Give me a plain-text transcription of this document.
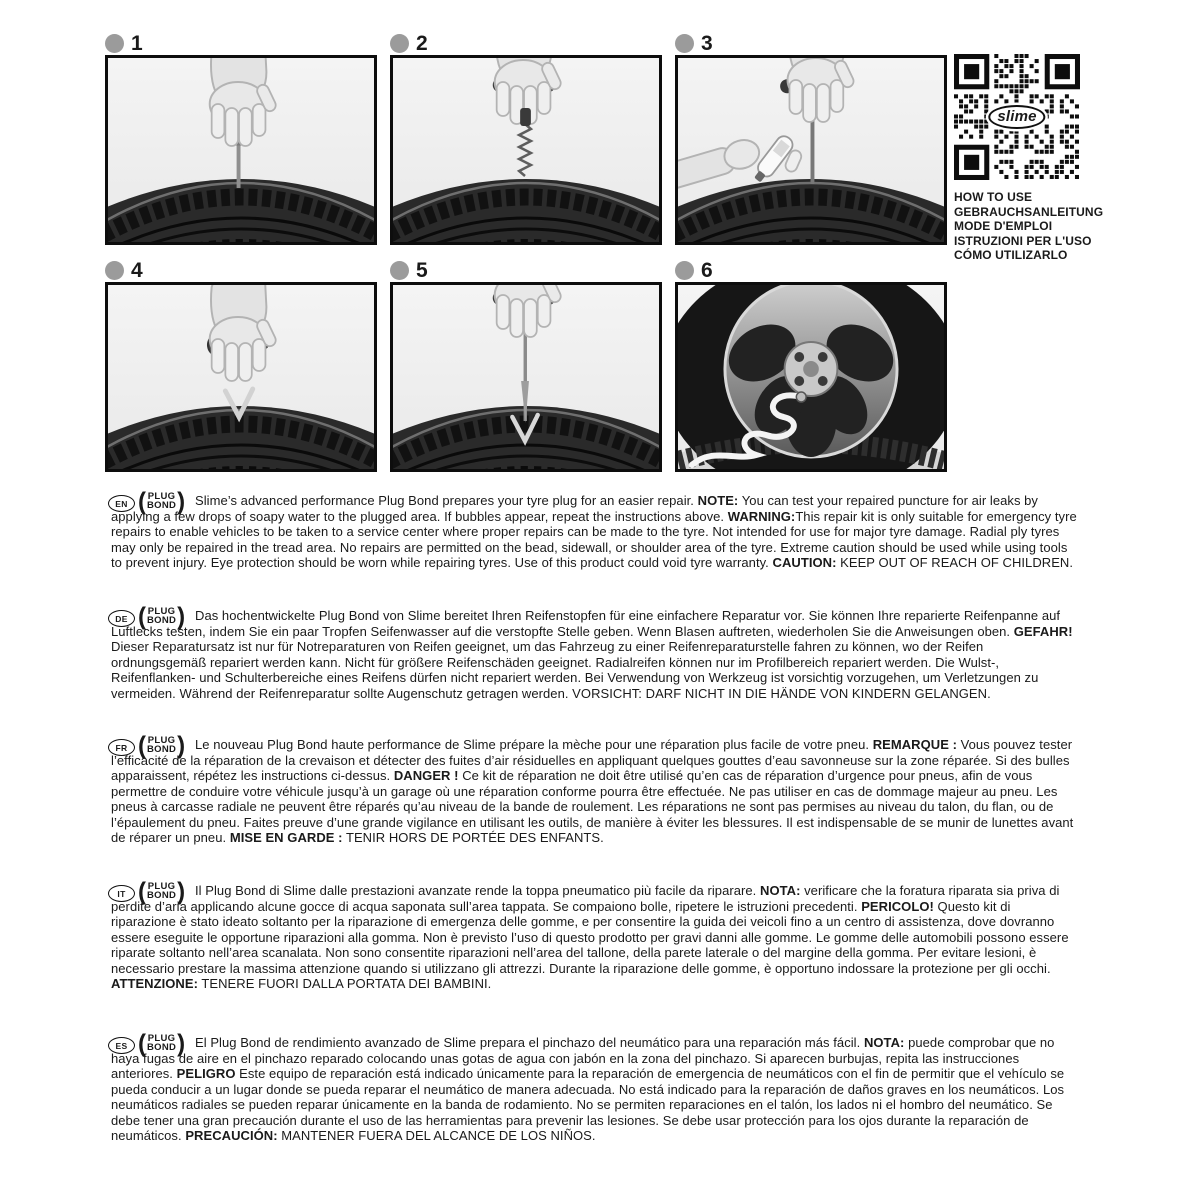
1	2	3
4	5	6
slime
HOW TO USE
GEBRAUCHSANLEITUNG
MODE D'EMPLOI
ISTRUZIONI PER L'USO
CÓMO UTILIZARLO
EN ( PLUG
BOND ) Slime’s advanced performance Plug Bond prepares your tyre plug for an easier repair. NOTE: You can test your repaired puncture for air leaks by applying a few drops of soapy water to the plugged area. If bubbles appear, repeat the instructions above. WARNING:This repair kit is only suitable for emergency tyre repairs to enable vehicles to be taken to a service center where proper repairs can be made to the tyre. Not intended for use for major tyre damage. Radial ply tyres may only be repaired in the tread area. No repairs are permitted on the bead, sidewall, or shoulder area of the tyre. Extreme caution should be used while using tools to prevent injury. Eye protection should be worn while repairing tyres. Use of this product could void tyre warranty. CAUTION: KEEP OUT OF REACH OF CHILDREN.

DE ( PLUG
BOND ) Das hochentwickelte Plug Bond von Slime bereitet Ihren Reifenstopfen für eine einfachere Reparatur vor. Sie können Ihre reparierte Reifenpanne auf Luftlecks testen, indem Sie ein paar Tropfen Seifenwasser auf die verstopfte Stelle geben. Wenn Blasen auftreten, wiederholen Sie die Anweisungen oben. GEFAHR! Dieser Reparatursatz ist nur für Notreparaturen von Reifen geeignet, um das Fahrzeug zu einer Reifenreparaturstelle fahren zu können, wo der Reifen ordnungsgemäß repariert werden kann. Nicht für größere Reifenschäden geeignet. Radialreifen können nur im Profilbereich repariert werden. Die Wulst-, Reifenflanken- und Schulterbereiche eines Reifens dürfen nicht repariert werden. Bei Verwendung von Werkzeug ist vorsichtig vorzugehen, um Verletzungen zu vermeiden. Während der Reifenreparatur sollte Augenschutz getragen werden. VORSICHT: DARF NICHT IN DIE HÄNDE VON KINDERN GELANGEN.

FR ( PLUG
BOND ) Le nouveau Plug Bond haute performance de Slime prépare la mèche pour une réparation plus facile de votre pneu. REMARQUE : Vous pouvez tester l’efficacité de la réparation de la crevaison et détecter des fuites d’air résiduelles en appliquant quelques gouttes d’eau savonneuse sur la zone réparée. Si des bulles apparaissent, répétez les instructions ci-dessus. DANGER ! Ce kit de réparation ne doit être utilisé qu’en cas de réparation d’urgence pour pneus, afin de vous permettre de conduire votre véhicule jusqu’à un garage où une réparation conforme pourra être effectuée. Ne pas utiliser en cas de dommage majeur au pneu. Les pneus à carcasse radiale ne peuvent être réparés qu’au niveau de la bande de roulement. Les réparations ne sont pas permises au niveau du talon, du flan, ou de l’épaulement du pneu. Faites preuve d’une grande vigilance en utilisant les outils, de manière à éviter les blessures. Il est indispensable de se munir de lunettes avant de réparer un pneu. MISE EN GARDE : TENIR HORS DE PORTÉE DES ENFANTS.

IT ( PLUG
BOND ) Il Plug Bond di Slime dalle prestazioni avanzate rende la toppa pneumatico più facile da riparare. NOTA: verificare che la foratura riparata sia priva di perdite d’aria applicando alcune gocce di acqua saponata sull’area tappata. Se compaiono bolle, ripetere le istruzioni precedenti. PERICOLO! Questo kit di riparazione è stato ideato soltanto per la riparazione di emergenza delle gomme, e per consentire la guida dei veicoli fino a un centro di assistenza, dove dovranno essere eseguite le opportune riparazioni alla gomma. Non è previsto l’uso di questo prodotto per gravi danni alle gomme. Le gomme delle automobili possono essere riparate soltanto nell’area scanalata. Non sono consentite riparazioni nell’area del tallone, della parete laterale o del margine della gomma. Per evitare lesioni, è necessario prestare la massima attenzione quando si utilizzano gli attrezzi. Durante la riparazione delle gomme, è opportuno indossare la protezione per gli occhi. ATTENZIONE: TENERE FUORI DALLA PORTATA DEI BAMBINI.

ES ( PLUG
BOND ) El Plug Bond de rendimiento avanzado de Slime prepara el pinchazo del neumático para una reparación más fácil. NOTA: puede comprobar que no haya fugas de aire en el pinchazo reparado colocando unas gotas de agua con jabón en la zona del pinchazo. Si aparecen burbujas, repita las instrucciones anteriores. PELIGRO Este equipo de reparación está indicado únicamente para la reparación de emergencia de neumáticos con el fin de permitir que el vehículo se pueda conducir a un lugar donde se pueda reparar el neumático de manera adecuada. No está indicado para la reparación de daños graves en los neumáticos. Los neumáticos radiales se pueden reparar únicamente en la banda de rodamiento. No se permiten reparaciones en el talón, los lados ni el hombro del neumático. Se debe tener una gran precaución durante el uso de las herramientas para prevenir las lesiones. Se debe usar protección para los ojos durante la reparación de neumáticos. PRECAUCIÓN: MANTENER FUERA DEL ALCANCE DE LOS NIÑOS.
